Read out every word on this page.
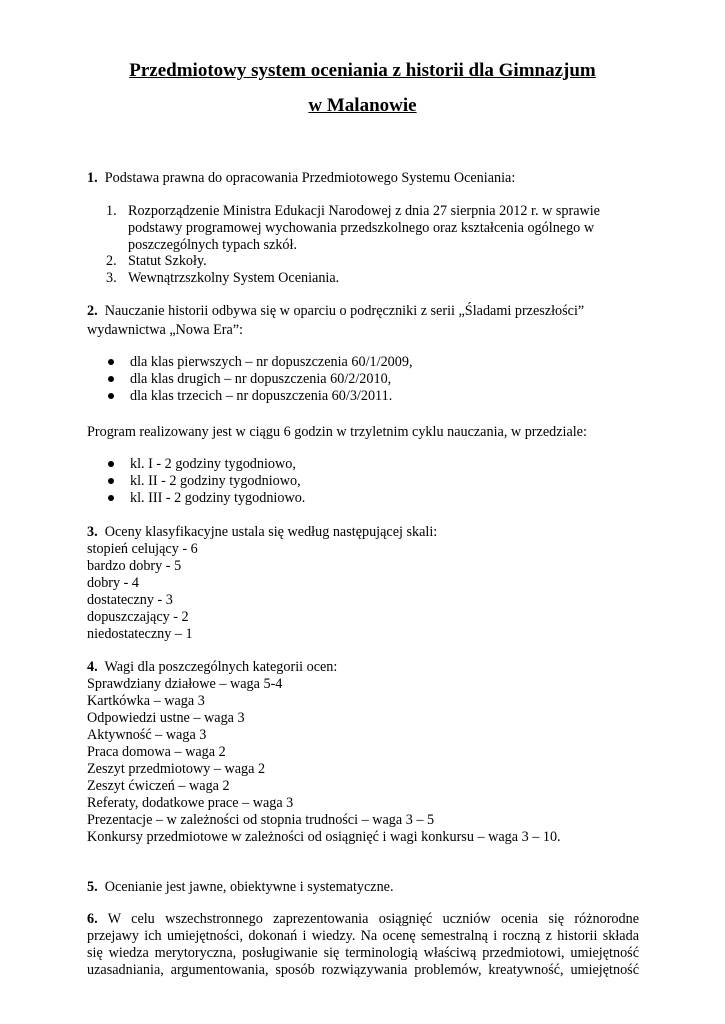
Przedmiotowy system oceniania z historii dla Gimnazjum
w Malanowie
1. Podstawa prawna do opracowania Przedmiotowego Systemu Oceniania:
1. Rozporządzenie Ministra Edukacji Narodowej z dnia 27 sierpnia 2012 r. w sprawie
podstawy programowej wychowania przedszkolnego oraz kształcenia ogólnego w
poszczególnych typach szkół.
2. Statut Szkoły.
3. Wewnątrzszkolny System Oceniania.
2. Nauczanie historii odbywa się w oparciu o podręczniki z serii „Śladami przeszłości”
wydawnictwa „Nowa Era”:
dla klas pierwszych – nr dopuszczenia 60/1/2009,
dla klas drugich – nr dopuszczenia 60/2/2010,
dla klas trzecich – nr dopuszczenia 60/3/2011.
Program realizowany jest w ciągu 6 godzin w trzyletnim cyklu nauczania, w przedziale:
kl. I - 2 godziny tygodniowo,
kl. II - 2 godziny tygodniowo,
kl. III - 2 godziny tygodniowo.
3. Oceny klasyfikacyjne ustala się według następującej skali:
stopień celujący - 6
bardzo dobry - 5
dobry - 4
dostateczny - 3
dopuszczający - 2
niedostateczny – 1
4. Wagi dla poszczególnych kategorii ocen:
Sprawdziany działowe – waga 5-4
Kartkówka – waga 3
Odpowiedzi ustne – waga 3
Aktywność – waga 3
Praca domowa – waga 2
Zeszyt przedmiotowy – waga 2
Zeszyt ćwiczeń – waga 2
Referaty, dodatkowe prace – waga 3
Prezentacje – w zależności od stopnia trudności – waga 3 – 5
Konkursy przedmiotowe w zależności od osiągnięć i wagi konkursu – waga 3 – 10.
5. Ocenianie jest jawne, obiektywne i systematyczne.
6. W celu wszechstronnego zaprezentowania osiągnięć uczniów ocenia się różnorodne
przejawy ich umiejętności, dokonań i wiedzy. Na ocenę semestralną i roczną z historii składa
się wiedza merytoryczna, posługiwanie się terminologią właściwą przedmiotowi, umiejętność
uzasadniania, argumentowania, sposób rozwiązywania problemów, kreatywność, umiejętność
